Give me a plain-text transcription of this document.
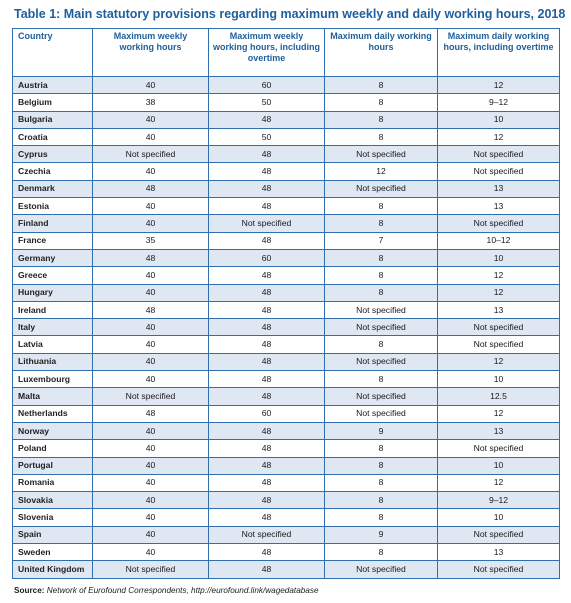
Table 1: Main statutory provisions regarding maximum weekly and daily working hours, 2018
Country	Maximum weekly working hours	Maximum weekly working hours, including overtime	Maximum daily working hours	Maximum daily working hours, including overtime
Austria	40	60	8	12
Belgium	38	50	8	9–12
Bulgaria	40	48	8	10
Croatia	40	50	8	12
Cyprus	Not specified	48	Not specified	Not specified
Czechia	40	48	12	Not specified
Denmark	48	48	Not specified	13
Estonia	40	48	8	13
Finland	40	Not specified	8	Not specified
France	35	48	7	10–12
Germany	48	60	8	10
Greece	40	48	8	12
Hungary	40	48	8	12
Ireland	48	48	Not specified	13
Italy	40	48	Not specified	Not specified
Latvia	40	48	8	Not specified
Lithuania	40	48	Not specified	12
Luxembourg	40	48	8	10
Malta	Not specified	48	Not specified	12.5
Netherlands	48	60	Not specified	12
Norway	40	48	9	13
Poland	40	48	8	Not specified
Portugal	40	48	8	10
Romania	40	48	8	12
Slovakia	40	48	8	9–12
Slovenia	40	48	8	10
Spain	40	Not specified	9	Not specified
Sweden	40	48	8	13
United Kingdom	Not specified	48	Not specified	Not specified
Source: Network of Eurofound Correspondents, http://eurofound.link/wagedatabase
